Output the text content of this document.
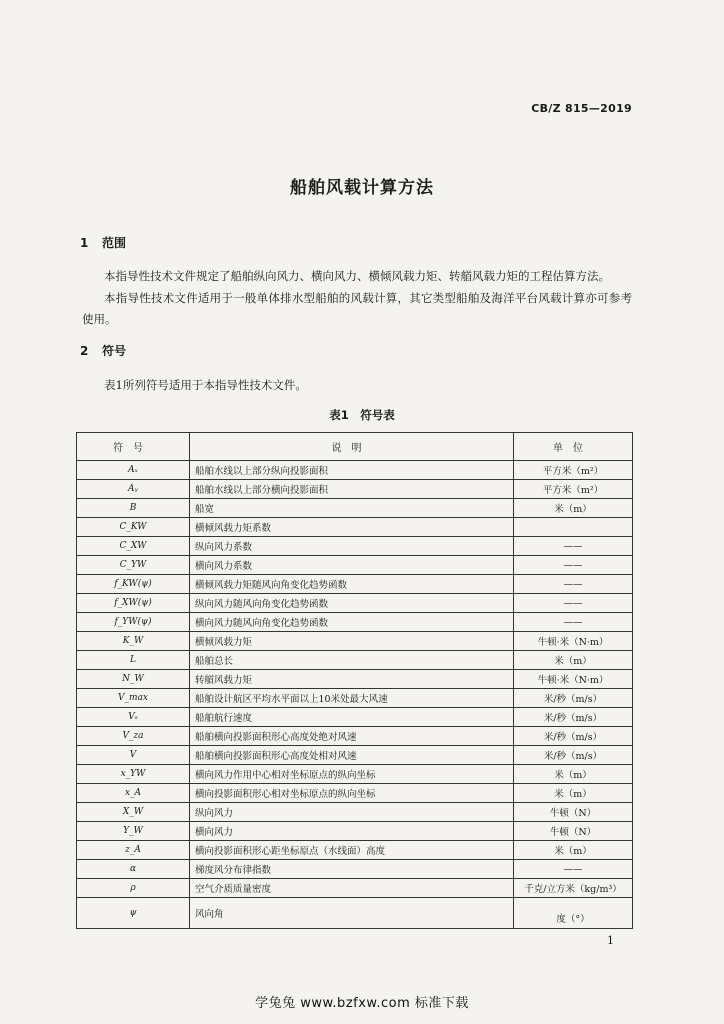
CB/Z 815—2019
船舶风载计算方法
1 范围
本指导性技术文件规定了船舶纵向风力、横向风力、横倾风载力矩、转艏风载力矩的工程估算方法。
本指导性技术文件适用于一般单体排水型船舶的风载计算，其它类型船舶及海洋平台风载计算亦可参考使用。
2 符号
表1所列符号适用于本指导性技术文件。
表1　符号表
符号	说明	单位
Aₓ	船舶水线以上部分纵向投影面积	平方米（m²）
Aᵧ	船舶水线以上部分横向投影面积	平方米（m²）
B	船宽	米（m）
C_KW	横倾风载力矩系数	
C_XW	纵向风力系数	——
C_YW	横向风力系数	——
f_KW(ψ)	横倾风载力矩随风向角变化趋势函数	——
f_XW(ψ)	纵向风力随风向角变化趋势函数	——
f_YW(ψ)	横向风力随风向角变化趋势函数	——
K_W	横倾风载力矩	牛顿·米（N·m）
L	船舶总长	米（m）
N_W	转艏风载力矩	牛顿·米（N·m）
V_max	船舶设计航区平均水平面以上10米处最大风速	米/秒（m/s）
Vₛ	船舶航行速度	米/秒（m/s）
V_za	船舶横向投影面积形心高度处绝对风速	米/秒（m/s）
V	船舶横向投影面积形心高度处相对风速	米/秒（m/s）
x_YW	横向风力作用中心相对坐标原点的纵向坐标	米（m）
x_A	横向投影面积形心相对坐标原点的纵向坐标	米（m）
X_W	纵向风力	牛顿（N）
Y_W	横向风力	牛顿（N）
z_A	横向投影面积形心距坐标原点（水线面）高度	米（m）
α	梯度风分布律指数	——
ρ	空气介质质量密度	千克/立方米（kg/m³）
ψ	风向角	度（°）
1
学兔兔 www.bzfxw.com 标准下载
